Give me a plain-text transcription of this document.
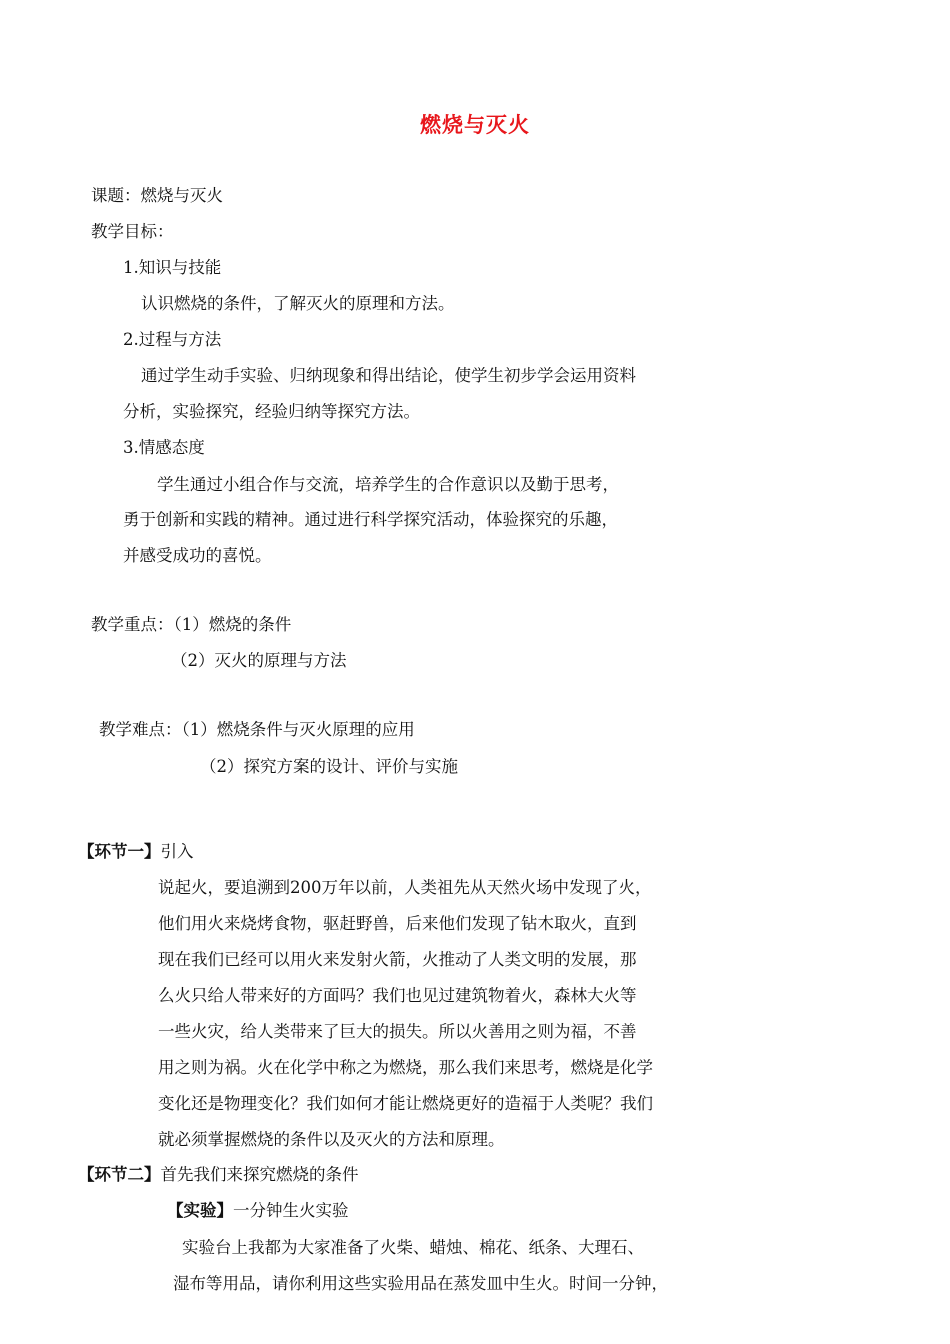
燃烧与灭火
课题：燃烧与灭火
教学目标：
1.知识与技能
认识燃烧的条件，了解灭火的原理和方法。
2.过程与方法
通过学生动手实验、归纳现象和得出结论，使学生初步学会运用资料
分析，实验探究，经验归纳等探究方法。
3.情感态度
学生通过小组合作与交流，培养学生的合作意识以及勤于思考，
勇于创新和实践的精神。通过进行科学探究活动，体验探究的乐趣，
并感受成功的喜悦。
教学重点：（1）燃烧的条件
（2）灭火的原理与方法
教学难点：（1）燃烧条件与灭火原理的应用
（2）探究方案的设计、评价与实施
【环节一】引入
说起火，要追溯到200万年以前，人类祖先从天然火场中发现了火，
他们用火来烧烤食物，驱赶野兽，后来他们发现了钻木取火，直到
现在我们已经可以用火来发射火箭，火推动了人类文明的发展，那
么火只给人带来好的方面吗？我们也见过建筑物着火，森林大火等
一些火灾，给人类带来了巨大的损失。所以火善用之则为福，不善
用之则为祸。火在化学中称之为燃烧，那么我们来思考，燃烧是化学
变化还是物理变化？我们如何才能让燃烧更好的造福于人类呢？我们
就必须掌握燃烧的条件以及灭火的方法和原理。
【环节二】首先我们来探究燃烧的条件
【实验】一分钟生火实验
实验台上我都为大家准备了火柴、蜡烛、棉花、纸条、大理石、
湿布等用品，请你利用这些实验用品在蒸发皿中生火。时间一分钟，
